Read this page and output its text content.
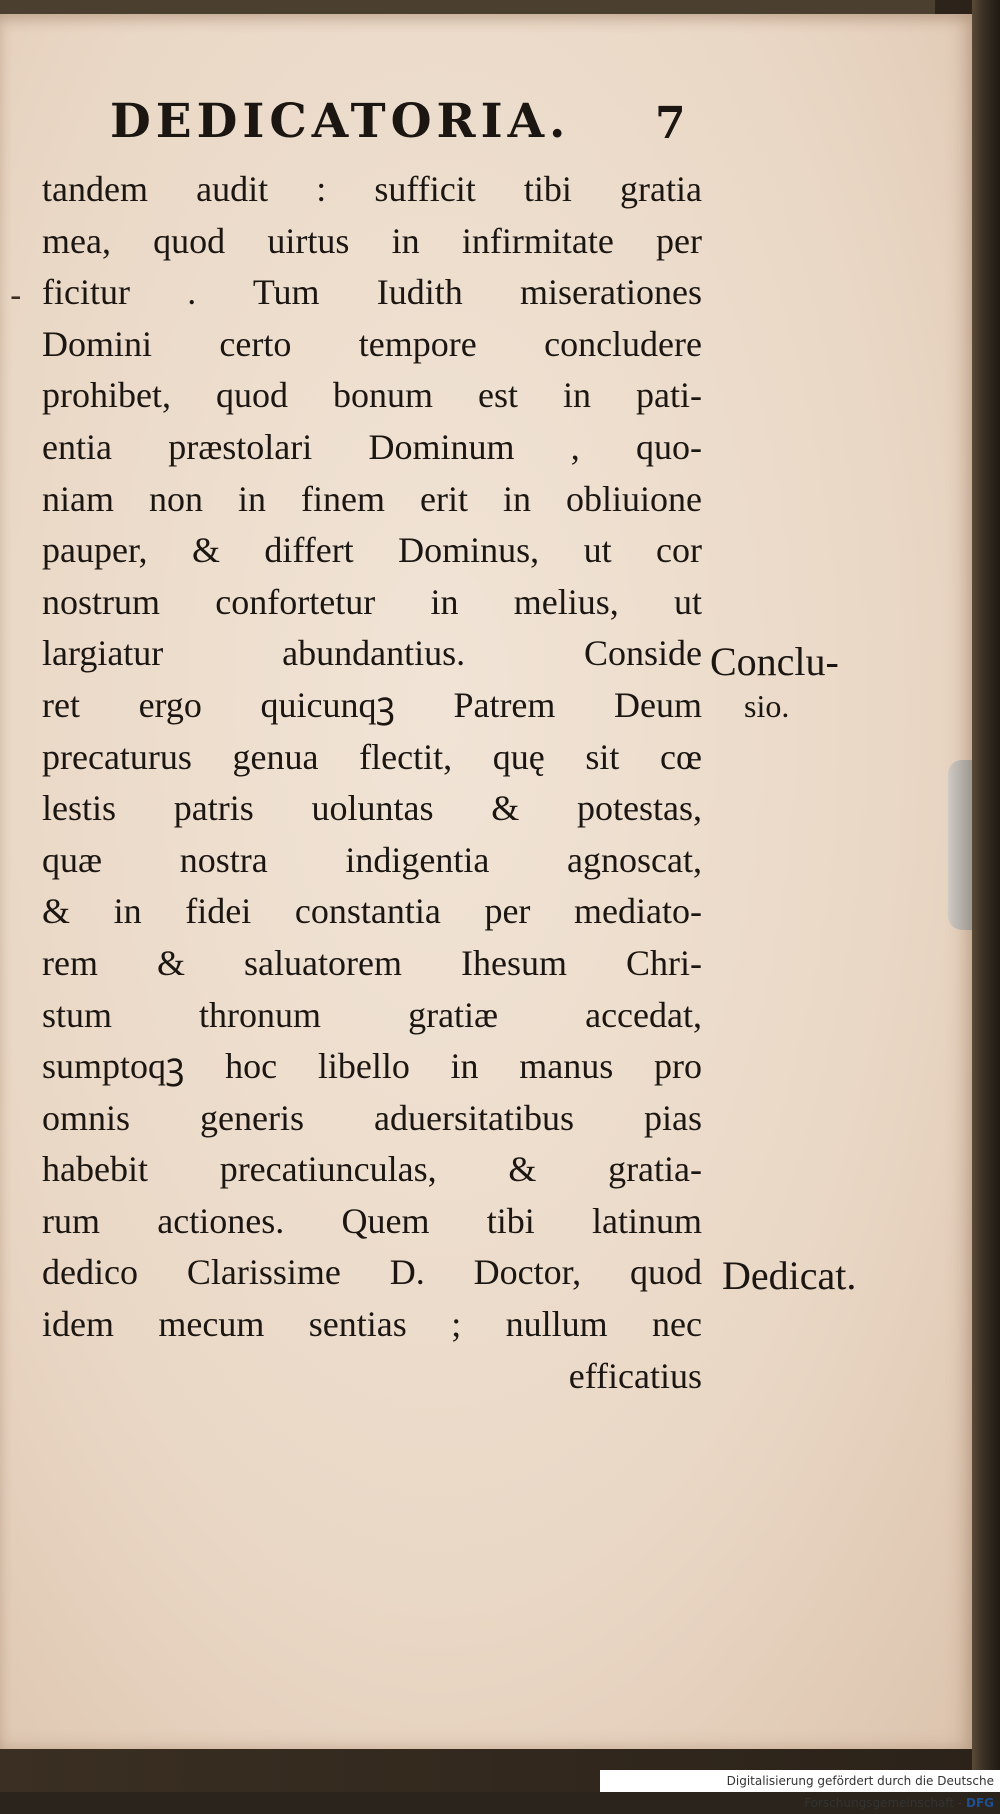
-
DEDICATORIA. 7
tandem audit : sufficit tibi gratia
mea, quod uirtus in infirmitate per
ficitur . Tum Iudith miserationes
Domini certo tempore concludere
prohibet, quod bonum est in pati-
entia præstolari Dominum , quo-
niam non in finem erit in obliuione
pauper, & differt Dominus, ut cor
nostrum confortetur in melius, ut
largiatur abundantius. Conside
ret ergo quicunqꝫ Patrem Deum
precaturus genua flectit, quę sit cœ
lestis patris uoluntas & potestas,
quæ nostra indigentia agnoscat,
& in fidei constantia per mediato-
rem & saluatorem Ihesum Chri-
stum thronum gratiæ accedat,
sumptoqꝫ hoc libello in manus pro
omnis generis aduersitatibus pias
habebit precatiunculas, & gratia-
rum actiones. Quem tibi latinum
dedico Clarissime D. Doctor, quod
idem mecum sentias ; nullum nec
efficatius
Conclu-
sio.
Dedicat.
Digitalisierung gefördert durch die Deutsche Forschungsgemeinschaft - DFG
